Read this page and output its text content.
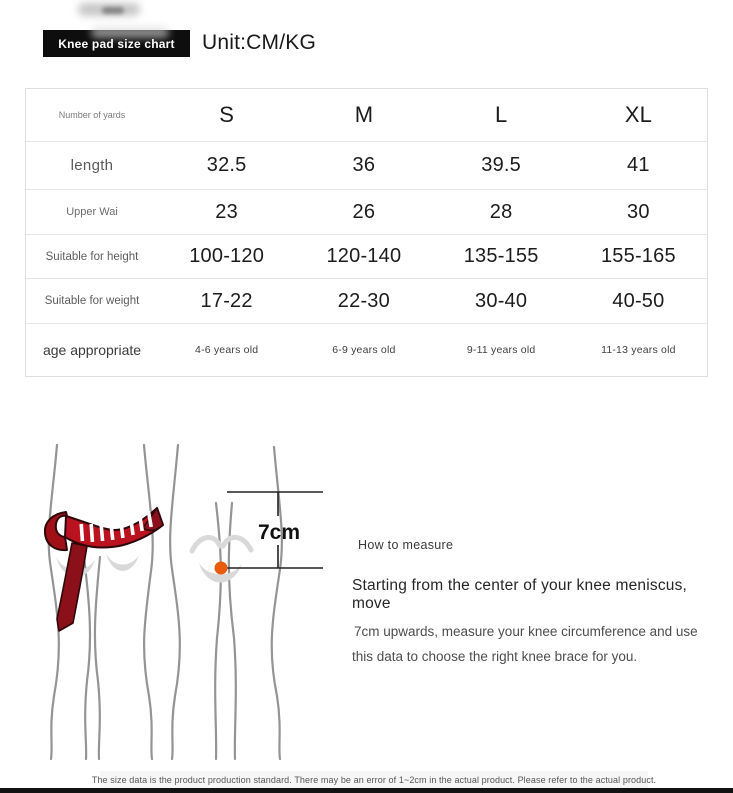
Knee pad size chart Unit:CM/KG
Number of yards	S	M	L	XL
length	32.5	36	39.5	41
Upper Wai	23	26	28	30
Suitable for height	100-120	120-140	135-155	155-165
Suitable for weight	17-22	22-30	30-40	40-50
age appropriate	4-6 years old	6-9 years old	9-11 years old	11-13 years old
7cm
How to measure

Starting from the center of your knee meniscus, move

7cm upwards, measure your knee circumference and use

this data to choose the right knee brace for you.

The size data is the product production standard. There may be an error of 1~2cm in the actual product. Please refer to the actual product.
